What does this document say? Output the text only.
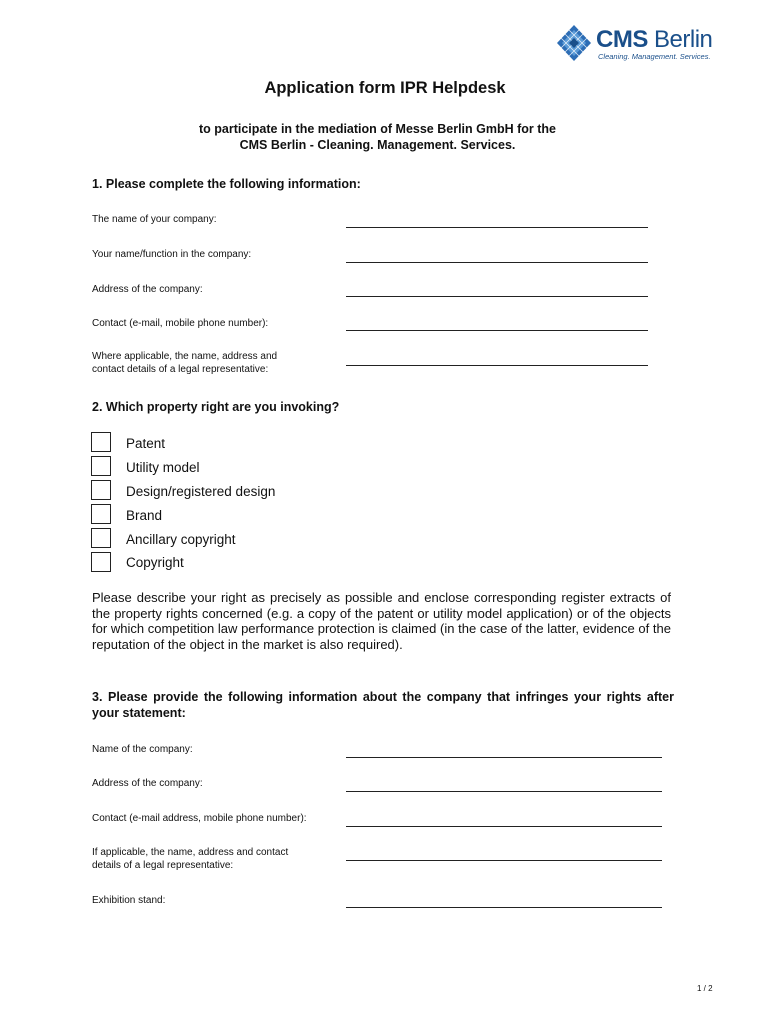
CMS Berlin
Cleaning. Management. Services.
Application form IPR Helpdesk
to participate in the mediation of Messe Berlin GmbH for the
CMS Berlin - Cleaning. Management. Services.
1. Please complete the following information:
The name of your company:
Your name/function in the company:
Address of the company:
Contact (e-mail, mobile phone number):
Where applicable, the name, address and
contact details of a legal representative:
2. Which property right are you invoking?
Patent
Utility model
Design/registered design
Brand
Ancillary copyright
Copyright
Please describe your right as precisely as possible and enclose corresponding register extracts of the property rights concerned (e.g. a copy of the patent or utility model application) or of the objects for which competition law performance protection is claimed (in the case of the latter, evidence of the reputation of the object in the market is also required).
3. Please provide the following information about the company that infringes your rights after your statement:
Name of the company:
Address of the company:
Contact (e-mail address, mobile phone number):
If applicable, the name, address and contact
details of a legal representative:
Exhibition stand:
1 / 2
